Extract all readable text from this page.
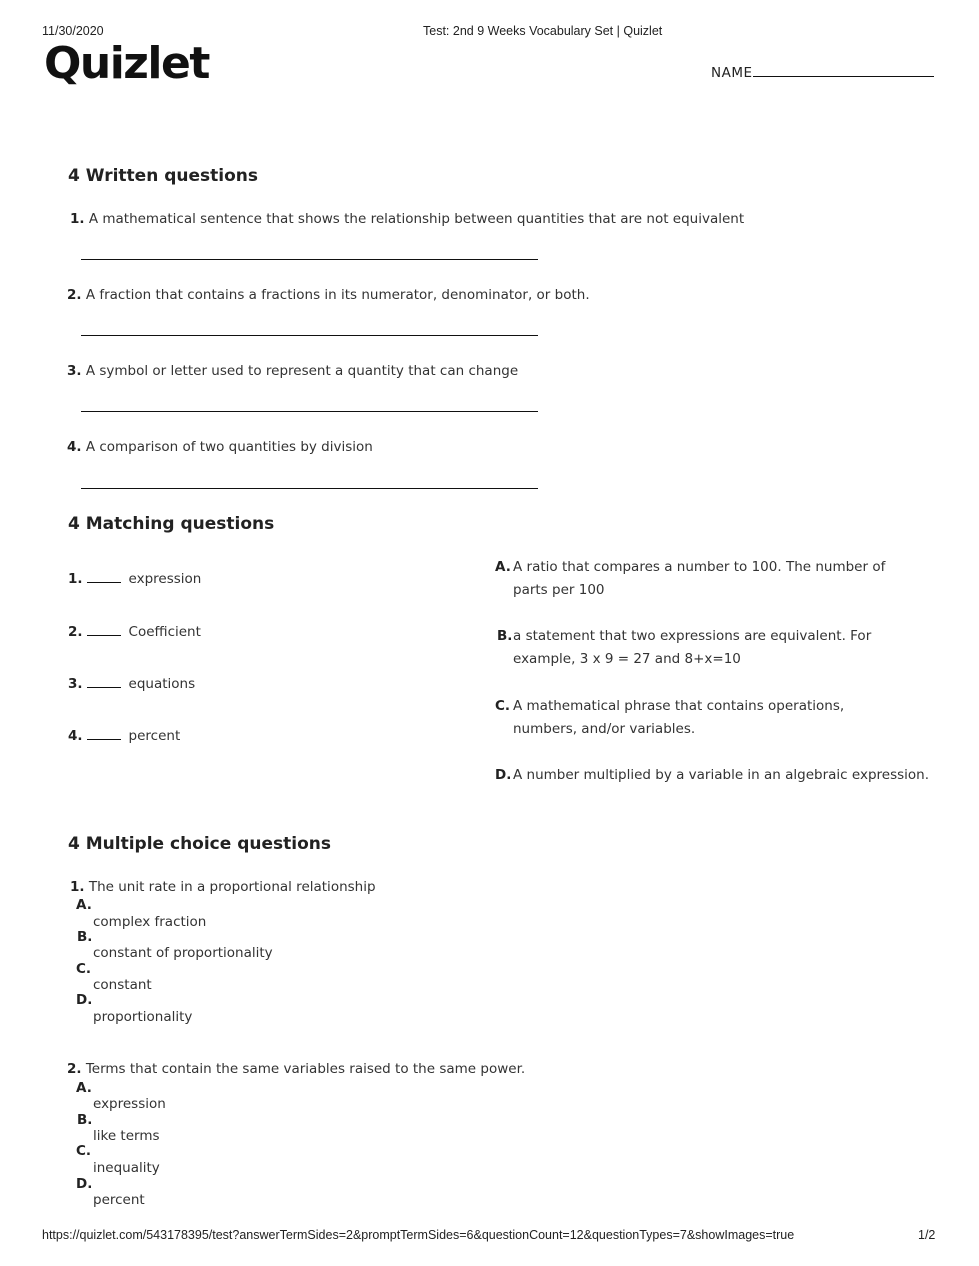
11/30/2020	Test: 2nd 9 Weeks Vocabulary Set | Quizlet
Quizlet	NAME
4 Written questions
1. A mathematical sentence that shows the relationship between quantities that are not equivalent
2. A fraction that contains a fractions in its numerator, denominator, or both.
3. A symbol or letter used to represent a quantity that can change
4. A comparison of two quantities by division
4 Matching questions
1.	expression
2.	Coefficient
3.	equations
4.	percent
A. A ratio that compares a number to 100. The number of parts per 100
B. a statement that two expressions are equivalent. For example, 3 x 9 = 27 and 8+x=10
C. A mathematical phrase that contains operations, numbers, and/or variables.
D. A number multiplied by a variable in an algebraic expression.
4 Multiple choice questions
1. The unit rate in a proportional relationship
A.
complex fraction
B.
constant of proportionality
C.
constant
D.
proportionality
2. Terms that contain the same variables raised to the same power.
A.
expression
B.
like terms
C.
inequality
D.
percent
https://quizlet.com/543178395/test?answerTermSides=2&promptTermSides=6&questionCount=12&questionTypes=7&showImages=true	1/2
